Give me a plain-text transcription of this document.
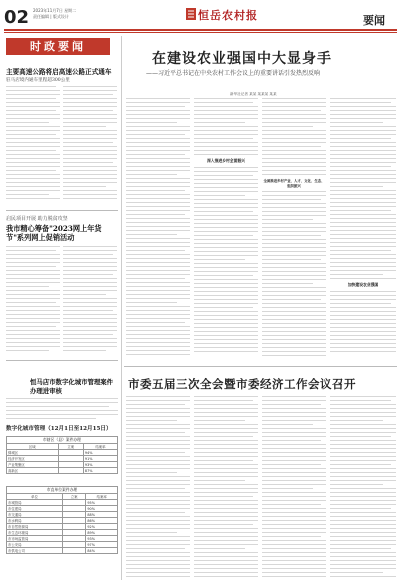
02 2023年11月7日 星期二
责任编辑 | 版式设计	恒岳农村报	要闻
时政要闻
主要高速公路将启高速公路正式通车
驻马店境内通车里程超300公里
启民项目开展 助力脱贫攻坚
我市精心筹备"2023网上年货节"系列网上促销活动
恒马店市数字化城市管理案件办理进审核
数字化城市管理（12月1日至12月15日）
市辖区（县）案件办理
区域	立案	结案率
驿城区		94%
经济开发区		91%
产业集聚区		93%
高新区		87%
市直单位案件办理
单位	立案	结案率
市城管局		95%
市住建局		90%
市交通局		88%
市水利局		86%
市自然资源局		92%
市生态环境局		89%
市市场监管局		93%
市公安局		97%
市供电公司		84%
在建设农业强国中大显身手
——习近平总书记在中央农村工作会议上的重要讲话引发热烈反响
新华社记者 某某 某某某 某某
深入推进乡村全面振兴
全面推进乡村产业、人才、文化、生态、组织振兴
加快建设农业强国
市委五届三次全会暨市委经济工作会议召开
